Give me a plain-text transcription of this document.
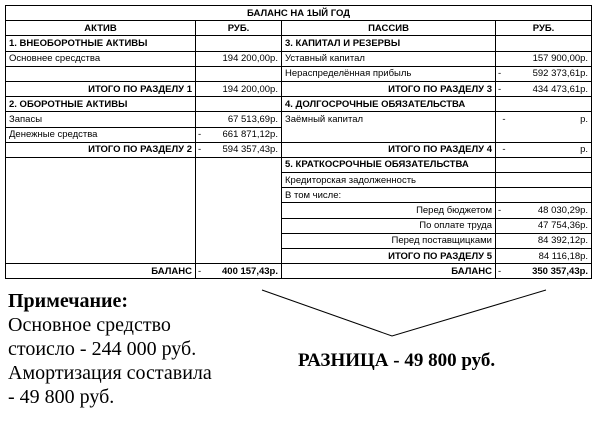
БАЛАНС НА 1ЫЙ ГОД					
АКТИВ	РУБ.		ПАССИВ	РУБ.	
1. ВНЕОБОРОТНЫЕ АКТИВЫ			3. КАПИТАЛ И РЕЗЕРВЫ		
Основнее сресдства		194 200,00р.	Уставный капитал		157 900,00р.
			Нераспределённая прибыль	-	592 373,61р.
ИТОГО ПО РАЗДЕЛУ 1		194 200,00р.	ИТОГО ПО РАЗДЕЛУ 3	-	434 473,61р.
2. ОБОРОТНЫЕ АКТИВЫ			4. ДОЛГОСРОЧНЫЕ ОБЯЗАТЕЛЬСТВА		
Запасы		67 513,69р.	Заёмный капитал	-	р.
Денежные средства	-	661 871,12р.			
ИТОГО ПО РАЗДЕЛУ 2	-	594 357,43р.	ИТОГО ПО РАЗДЕЛУ 4	-	р.
			5. КРАТКОСРОЧНЫЕ ОБЯЗАТЕЛЬСТВА		
			Кредиторская задолженность		
			В том числе:		
			Перед бюджетом	-	48 030,29р.
			По оплате труда		47 754,36р.
			Перед поставщицками		84 392,12р.
			ИТОГО ПО РАЗДЕЛУ 5		84 116,18р.
БАЛАНС	-	400 157,43р.	БАЛАНС	-	350 357,43р.
Примечание:
Основное средство
стоисло - 244 000 руб.
Амортизация составила
- 49 800 руб.
РАЗНИЦА - 49 800 руб.
